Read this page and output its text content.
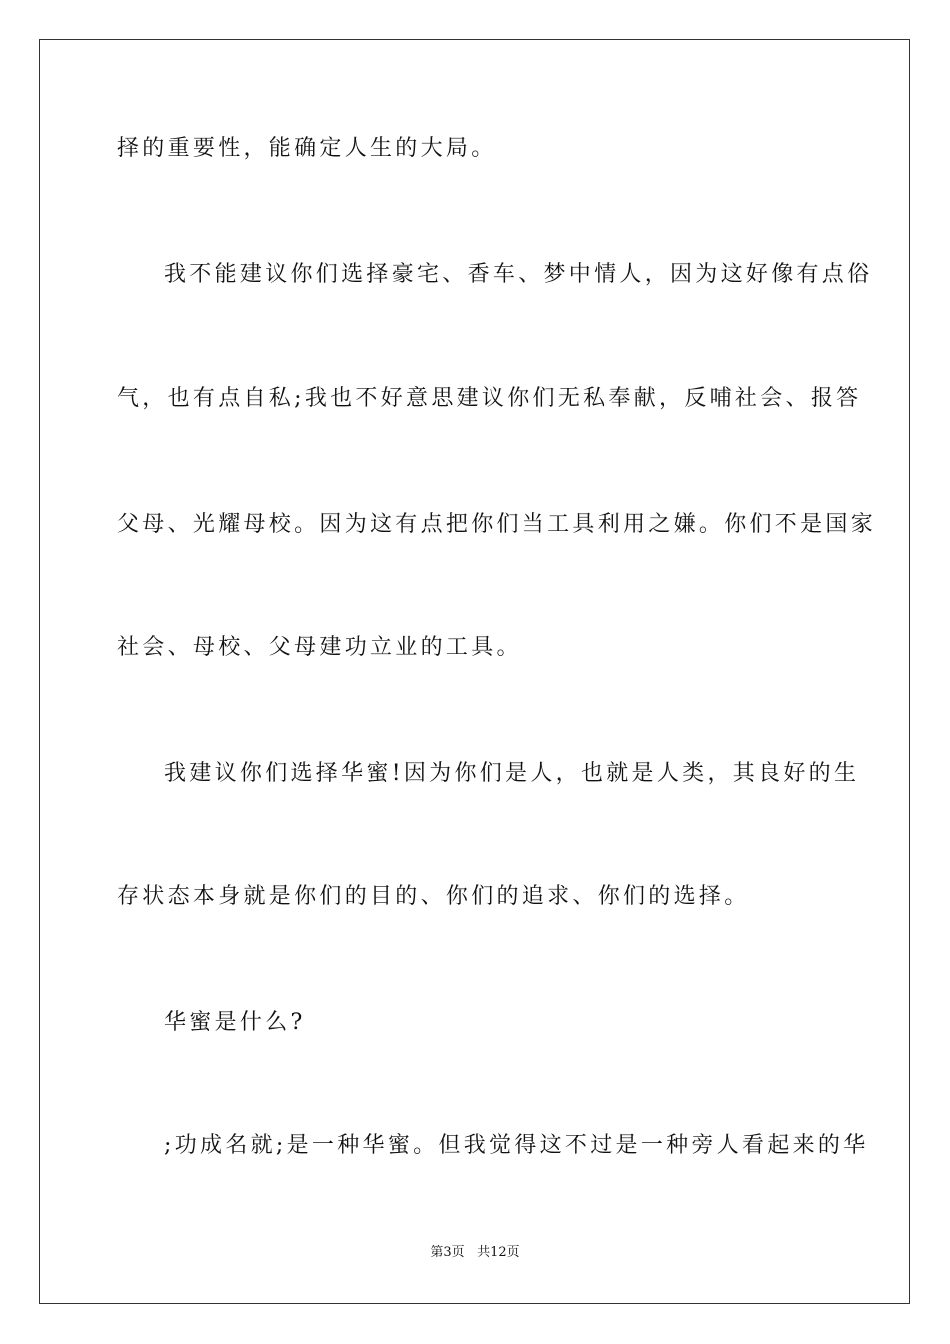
择的重要性，能确定人生的大局。
我不能建议你们选择豪宅、香车、梦中情人，因为这好像有点俗
气，也有点自私;我也不好意思建议你们无私奉献，反哺社会、报答
父母、光耀母校。因为这有点把你们当工具利用之嫌。你们不是国家
社会、母校、父母建功立业的工具。
我建议你们选择华蜜!因为你们是人，也就是人类，其良好的生
存状态本身就是你们的目的、你们的追求、你们的选择。
华蜜是什么?
;功成名就;是一种华蜜。但我觉得这不过是一种旁人看起来的华
第3页 共12页
